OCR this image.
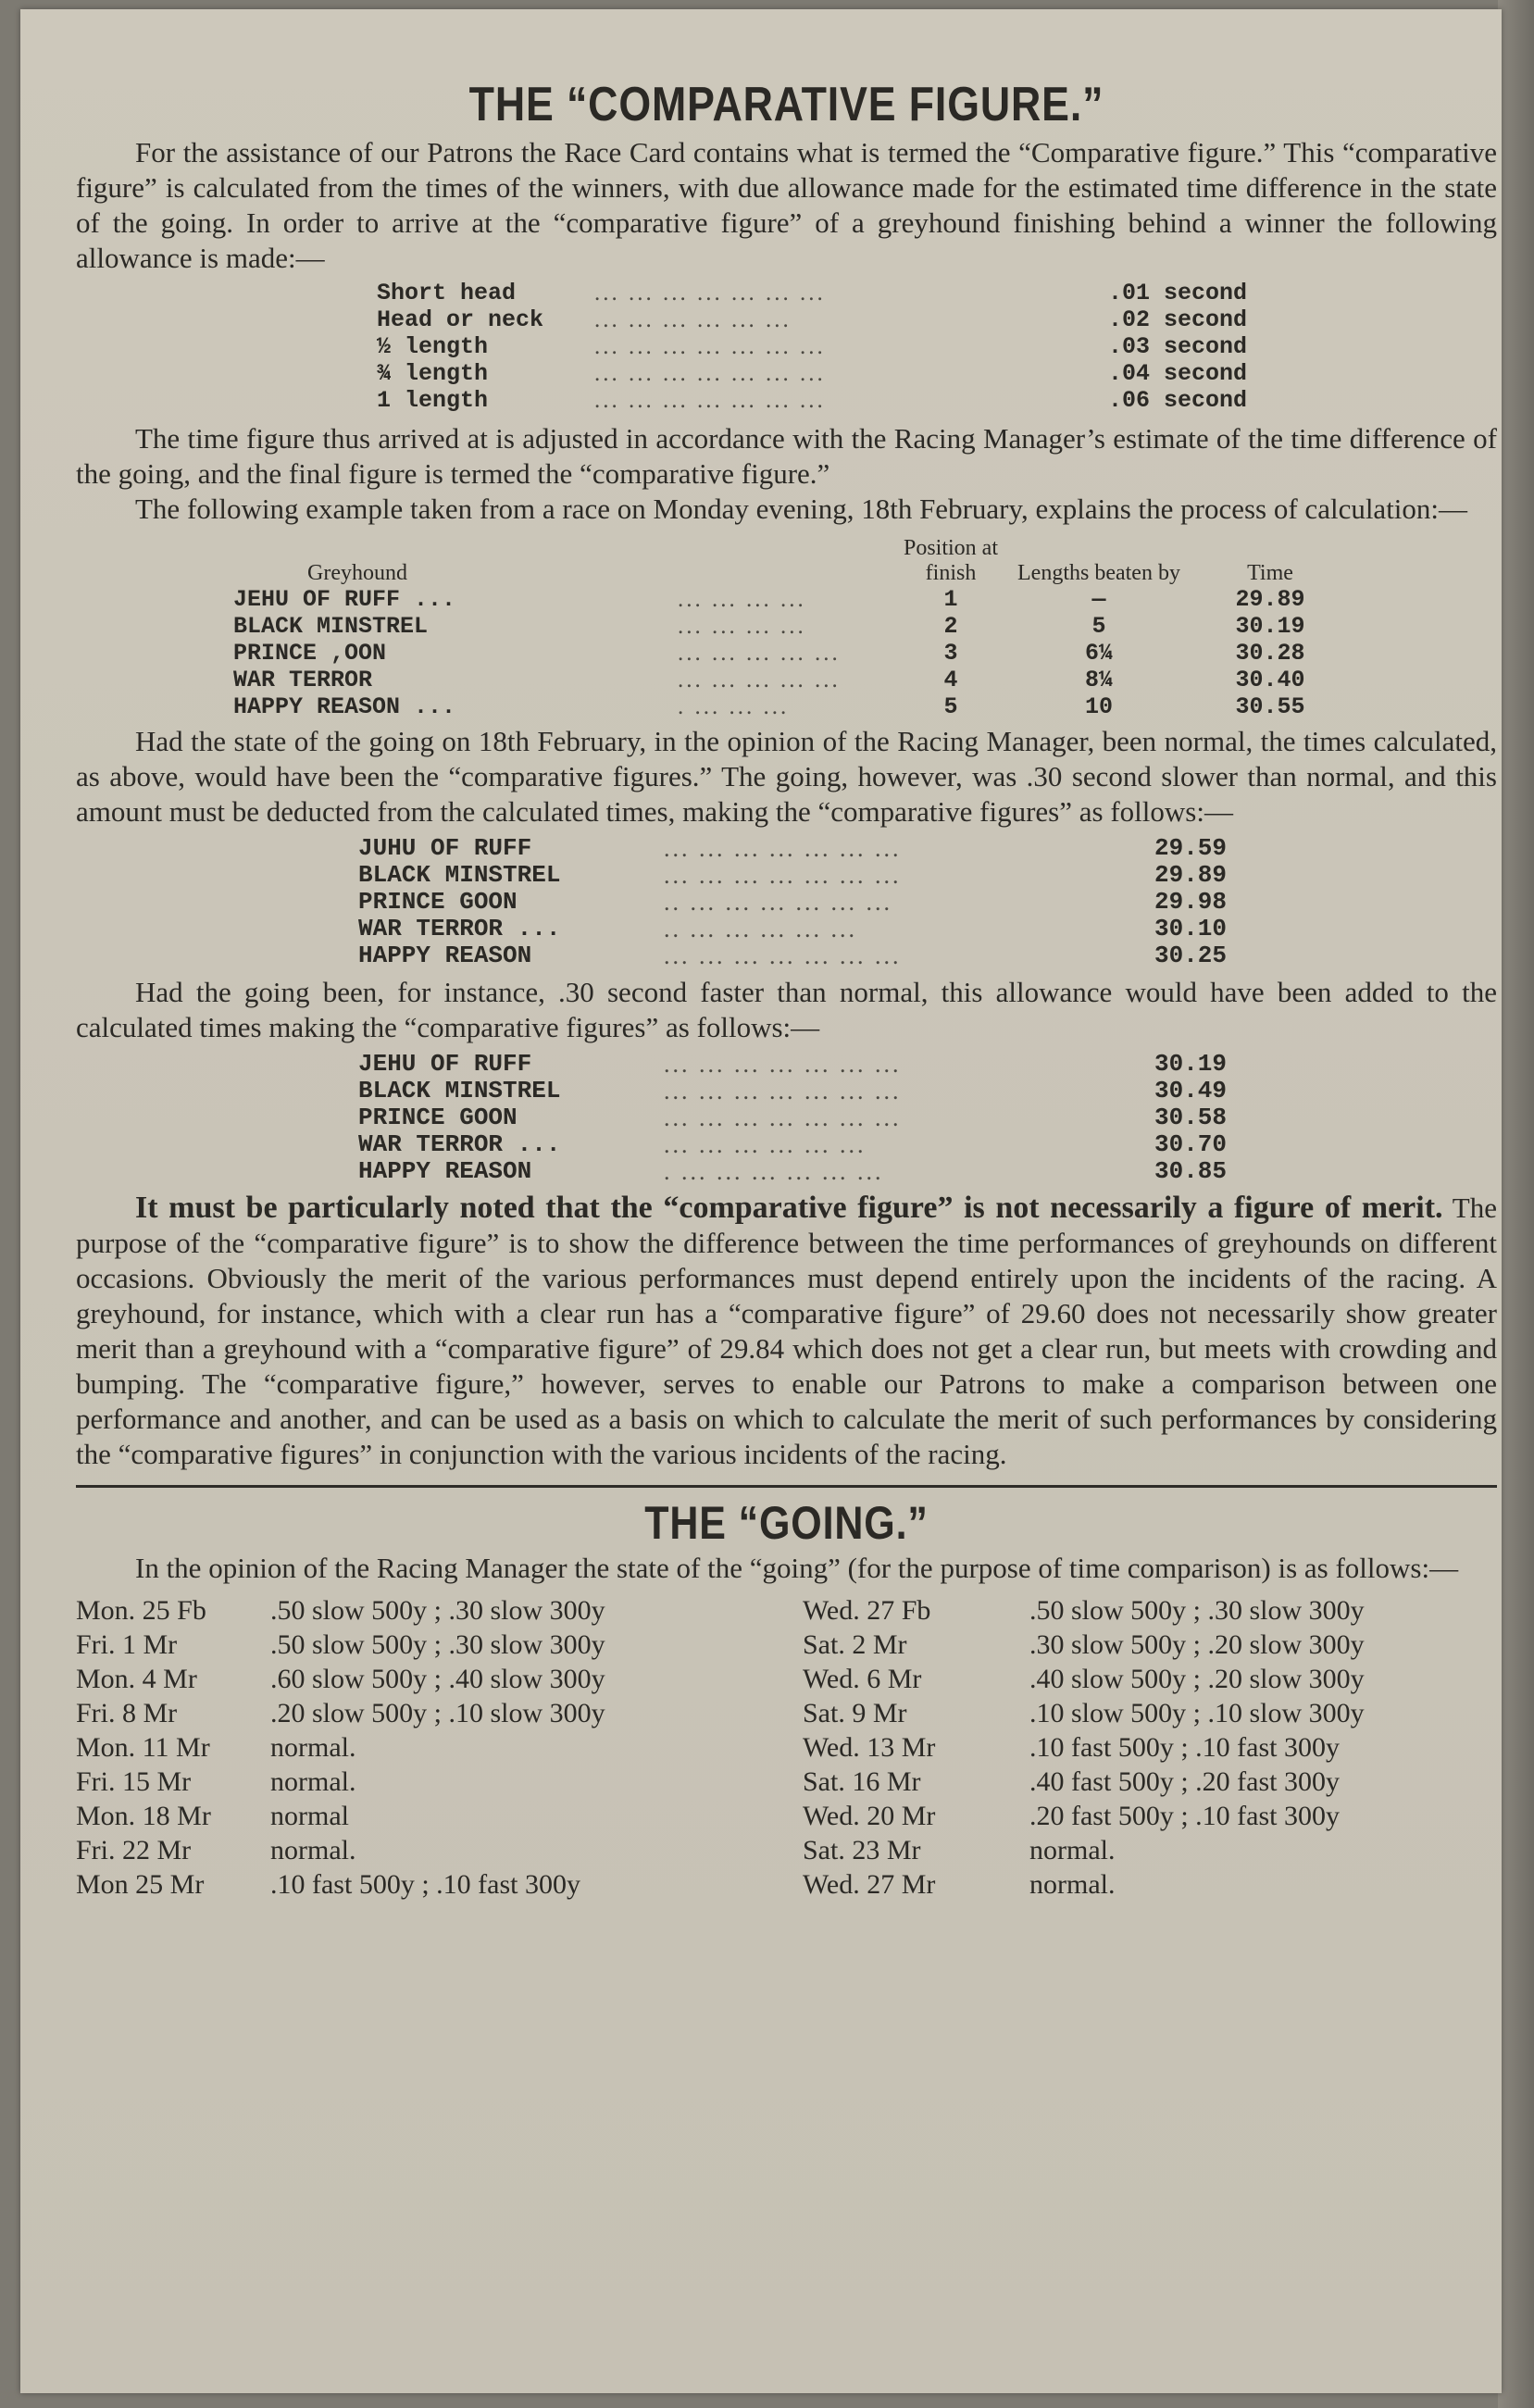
THE “COMPARATIVE FIGURE.”

For the assistance of our Patrons the Race Card contains what is termed the “Comparative figure.” This “comparative figure” is calculated from the times of the winners, with due allowance made for the estimated time difference in the state of the going. In order to arrive at the “comparative figure” of a greyhound finishing behind a winner the following allowance is made:—

Short head	... ... ... ... ... ... ...	.01 second
Head or neck	... ... ... ... ... ...	.02 second
½ length	... ... ... ... ... ... ...	.03 second
¾ length	... ... ... ... ... ... ...	.04 second
1 length	... ... ... ... ... ... ...	.06 second

The time figure thus arrived at is adjusted in accordance with the Racing Manager’s estimate of the time difference of the going, and the final figure is termed the “comparative figure.”

The following example taken from a race on Monday evening, 18th February, explains the process of calculation:—

Greyhound		Position at finish	Lengths beaten by	Time
JEHU OF RUFF ...	... ... ... ...	1	—	29.89
BLACK MINSTREL	... ... ... ...	2	5	30.19
PRINCE ,OON	... ... ... ... ...	3	6¼	30.28
WAR TERROR	... ... ... ... ...	4	8¼	30.40
HAPPY REASON ...	. ... ... ...	5	10	30.55

Had the state of the going on 18th February, in the opinion of the Racing Manager, been normal, the times calculated, as above, would have been the “comparative figures.” The going, however, was .30 second slower than normal, and this amount must be deducted from the calculated times, making the “comparative figures” as follows:—

JUHU OF RUFF	... ... ... ... ... ... ...	29.59
BLACK MINSTREL	... ... ... ... ... ... ...	29.89
PRINCE GOON	.. ... ... ... ... ... ...	29.98
WAR TERROR ...	.. ... ... ... ... ...	30.10
HAPPY REASON	... ... ... ... ... ... ...	30.25

Had the going been, for instance, .30 second faster than normal, this allowance would have been added to the calculated times making the “comparative figures” as follows:—

JEHU OF RUFF	... ... ... ... ... ... ...	30.19
BLACK MINSTREL	... ... ... ... ... ... ...	30.49
PRINCE GOON	... ... ... ... ... ... ...	30.58
WAR TERROR ...	... ... ... ... ... ...	30.70
HAPPY REASON	. ... ... ... ... ... ...	30.85

It must be particularly noted that the “comparative figure” is not necessarily a figure of merit. The purpose of the “comparative figure” is to show the difference between the time performances of greyhounds on different occasions. Obviously the merit of the various performances must depend entirely upon the incidents of the racing. A greyhound, for instance, which with a clear run has a “comparative figure” of 29.60 does not necessarily show greater merit than a greyhound with a “comparative figure” of 29.84 which does not get a clear run, but meets with crowding and bumping. The “comparative figure,” however, serves to enable our Patrons to make a comparison between one performance and another, and can be used as a basis on which to calculate the merit of such performances by considering the “comparative figures” in conjunction with the various incidents of the racing.

THE “GOING.”

In the opinion of the Racing Manager the state of the “going” (for the purpose of time comparison) is as follows:—

Mon. 25 Fb	.50 slow 500y ; .30 slow 300y
Fri. 1 Mr	.50 slow 500y ; .30 slow 300y
Mon. 4 Mr	.60 slow 500y ; .40 slow 300y
Fri. 8 Mr	.20 slow 500y ; .10 slow 300y
Mon. 11 Mr	normal.
Fri. 15 Mr	normal.
Mon. 18 Mr	normal
Fri. 22 Mr	normal.
Mon 25 Mr	.10 fast 500y ; .10 fast 300y
Wed. 27 Fb	.50 slow 500y ; .30 slow 300y
Sat. 2 Mr	.30 slow 500y ; .20 slow 300y
Wed. 6 Mr	.40 slow 500y ; .20 slow 300y
Sat. 9 Mr	.10 slow 500y ; .10 slow 300y
Wed. 13 Mr	.10 fast 500y ; .10 fast 300y
Sat. 16 Mr	.40 fast 500y ; .20 fast 300y
Wed. 20 Mr	.20 fast 500y ; .10 fast 300y
Sat. 23 Mr	normal.
Wed. 27 Mr	normal.
